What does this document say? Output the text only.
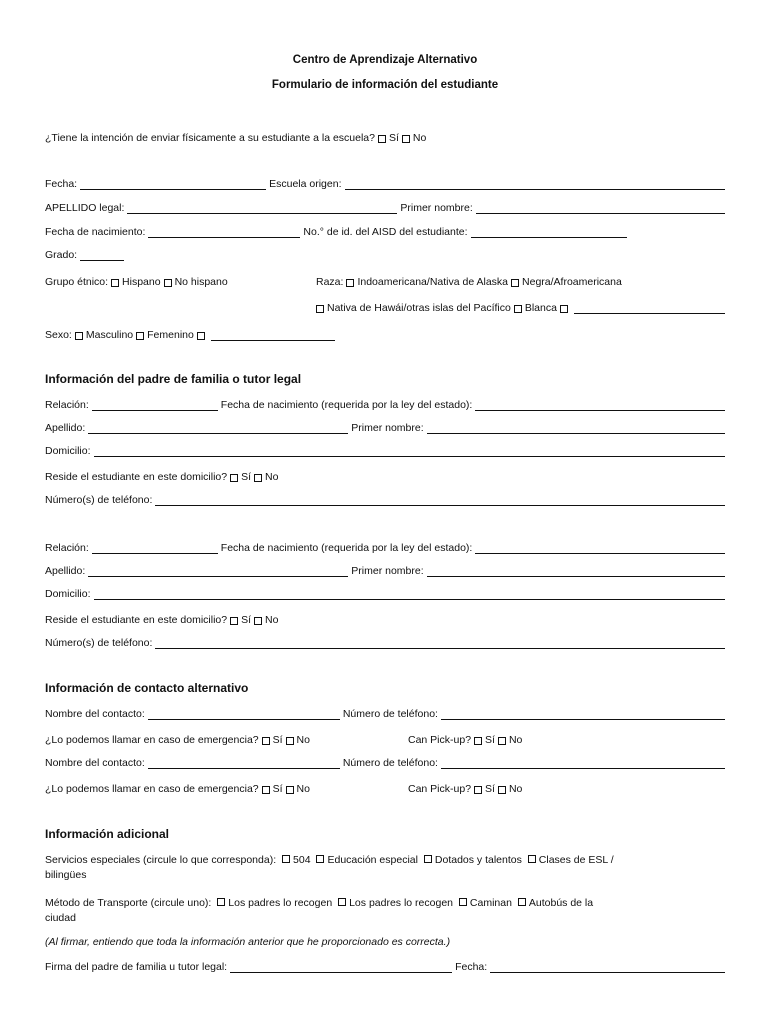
Centro de Aprendizaje Alternativo
Formulario de información del estudiante
¿Tiene la intención de enviar físicamente a su estudiante a la escuela? Sí No
Fecha:	Escuela origen:
APELLIDO legal:	Primer nombre:
Fecha de nacimiento:	No.° de id. del AISD del estudiante:
Grado:
Grupo étnico: Hispano No hispano	Raza: Indoamericana/Nativa de Alaska Negra/Afroamericana
Nativa de Hawái/otras islas del Pacífico Blanca
Sexo: Masculino Femenino
Información del padre de familia o tutor legal
Relación:	Fecha de nacimiento (requerida por la ley del estado):
Apellido:	Primer nombre:
Domicilio:
Reside el estudiante en este domicilio? Sí No
Número(s) de teléfono:
Relación:	Fecha de nacimiento (requerida por la ley del estado):
Apellido:	Primer nombre:
Domicilio:
Reside el estudiante en este domicilio? Sí No
Número(s) de teléfono:
Información de contacto alternativo
Nombre del contacto:	Número de teléfono:
¿Lo podemos llamar en caso de emergencia? Sí No	Can Pick-up? Sí No
Nombre del contacto:	Número de teléfono:
¿Lo podemos llamar en caso de emergencia? Sí No	Can Pick-up? Sí No
Información adicional
Servicios especiales (circule lo que corresponda): 504 Educación especial Dotados y talentos Clases de ESL /
bilingües
Método de Transporte (circule uno): Los padres lo recogen Los padres lo recogen Caminan Autobús de la
ciudad
(Al firmar, entiendo que toda la información anterior que he proporcionado es correcta.)
Firma del padre de familia u tutor legal:	Fecha:
